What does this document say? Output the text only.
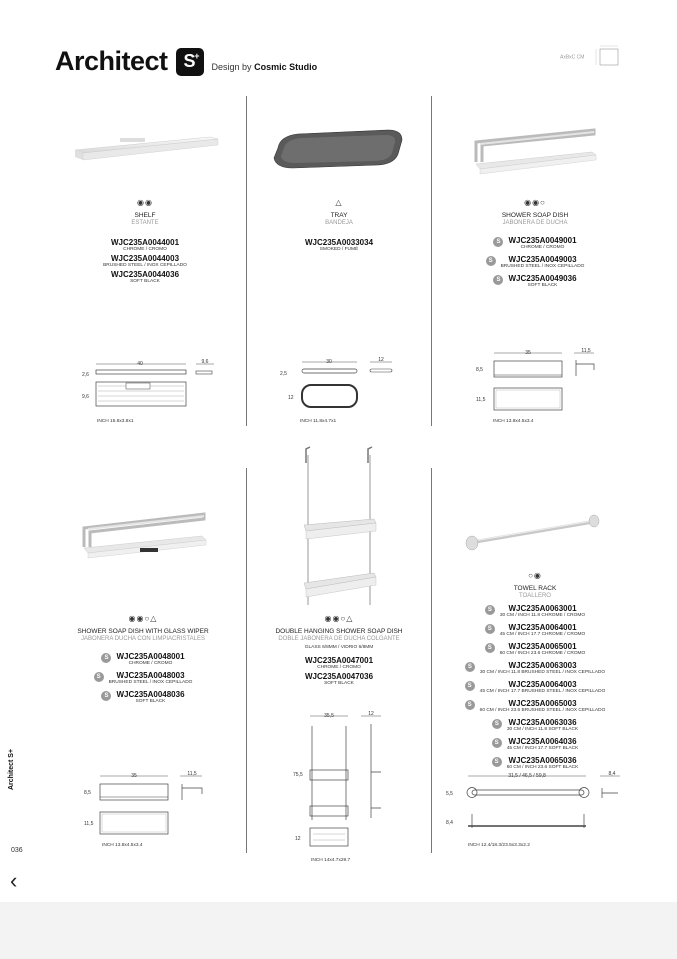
Architect S
+
Design by Cosmic Studio
AxBxC CM
◉◉
SHELF
ESTANTE
WJC235A0044001
CHROME / CROMO
WJC235A0044003
BRUSHED STEEL / INOX CEPILLADO
WJC235A0044036
SOFT BLACK
40
2,6
9,6
9,6
INCH 15.6x3.8x1
△
TRAY
BANDEJA
WJC235A0033034
SMOKED / FUMÉ
30
2,5
12
12
INCH 11.8x4.7x1
◉◉○
SHOWER SOAP DISH
JABONERA DE DUCHA
S	WJC235A0049001
CHROME / CROMO
S	WJC235A0049003
BRUSHED STEEL / INOX CEPILLADO
S	WJC235A0049036
SOFT BLACK
35
8,5
11,5
11,5
INCH 13.8x4.5x3.4
◉◉○△
SHOWER SOAP DISH WITH GLASS WIPER
JABONERA DUCHA CON LIMPIACRISTALES
S	WJC235A0048001
CHROME / CROMO
S	WJC235A0048003
BRUSHED STEEL / INOX CEPILLADO
S	WJC235A0048036
SOFT BLACK
35
8,5
11,5
11,5
INCH 13.8x4.5x3.4
◉◉○△
DOUBLE HANGING SHOWER SOAP DISH
DOBLE JABONERA DE DUCHA COLGANTE
GLASS 6/8MM / VIDRIO 6/8MM
WJC235A0047001
CHROME / CROMO
WJC235A0047036
SOFT BLACK
35,5	12
75,5
12
INCH 14x4.7x29.7
○◉
TOWEL RACK
TOALLERO
S	WJC235A0063001
30 CM / INCH 11.8 CHROME / CROMO
S	WJC235A0064001
45 CM / INCH 17.7 CHROME / CROMO
S	WJC235A0065001
60 CM / INCH 23.6 CHROME / CROMO
S	WJC235A0063003
30 CM / INCH 11.8 BRUSHED STEEL / INOX CEPILLADO
S	WJC235A0064003
45 CM / INCH 17.7 BRUSHED STEEL / INOX CEPILLADO
S	WJC235A0065003
60 CM / INCH 23.6 BRUSHED STEEL / INOX CEPILLADO
S	WJC235A0063036
30 CM / INCH 11.8 SOFT BLACK
S	WJC235A0064036
45 CM / INCH 17.7 SOFT BLACK
S	WJC235A0065036
60 CM / INCH 23.6 SOFT BLACK
31,5 / 46,5 / 59,8	8,4
5,5
8,4
INCH 12.4/18.3/23.5x3.3x2.2
Architect S+
036
‹
